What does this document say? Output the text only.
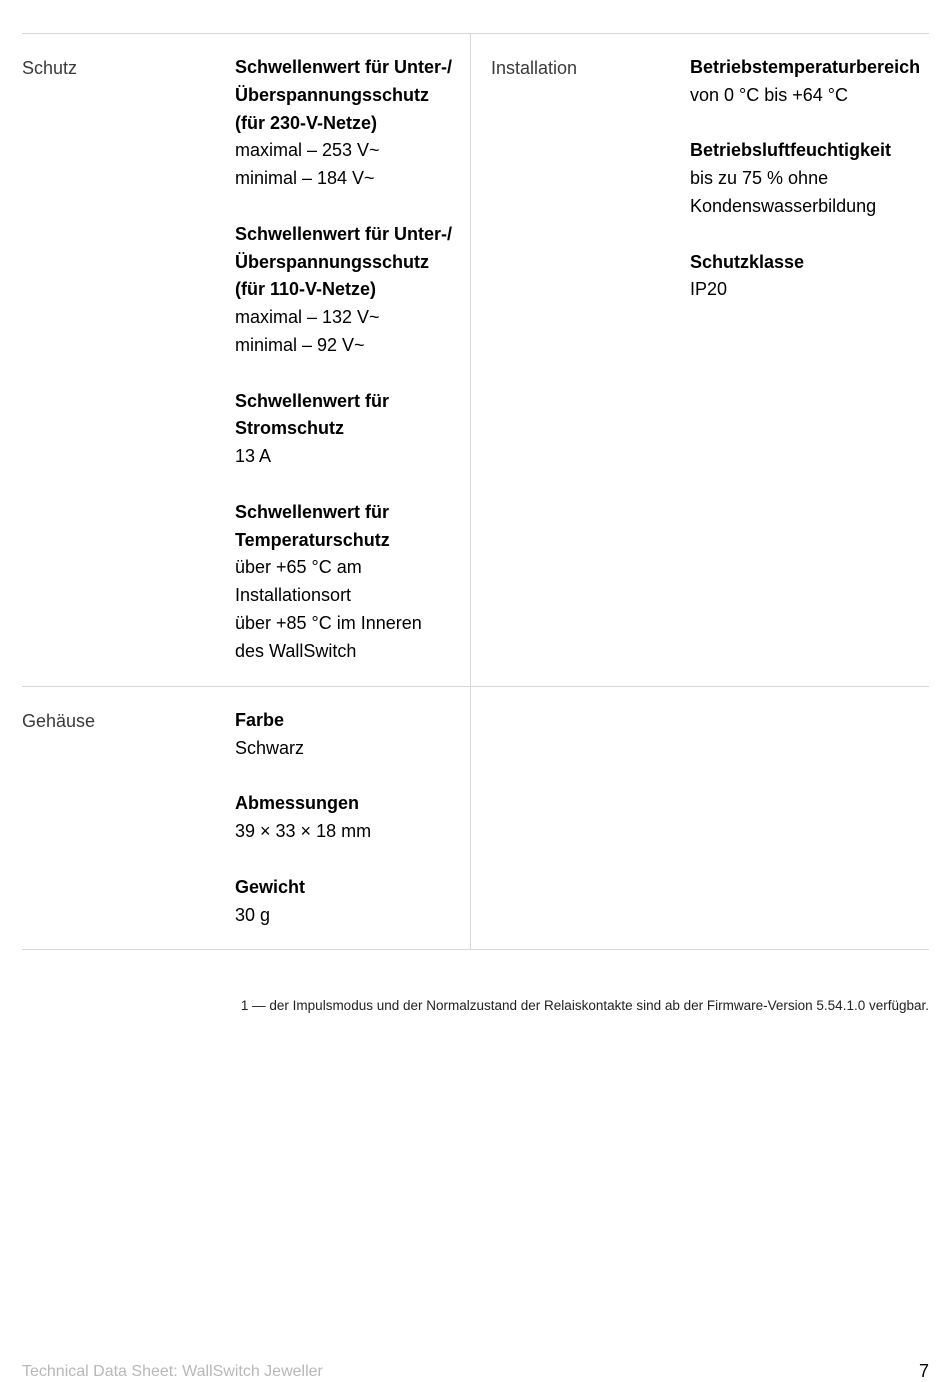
Schutz	Schwellenwert für Unter-/
Überspannungsschutz
(für 230-V-Netze)
maximal – 253 V~
minimal – 184 V~
Schwellenwert für Unter-/
Überspannungsschutz
(für 110-V-Netze)
maximal – 132 V~
minimal – 92 V~
Schwellenwert für
Stromschutz
13 A
Schwellenwert für
Temperaturschutz
über +65 °C am
Installationsort
über +85 °C im Inneren
des WallSwitch
Installation	Betriebstemperaturbereich
von 0 °C bis +64 °C
Betriebsluftfeuchtigkeit
bis zu 75 % ohne
Kondenswasserbildung
Schutzklasse
IP20
Gehäuse	Farbe
Schwarz
Abmessungen
39 × 33 × 18 mm
Gewicht
30 g
1 — der Impulsmodus und der Normalzustand der Relaiskontakte sind ab der Firmware-Version 5.54.1.0 verfügbar.
Technical Data Sheet: WallSwitch Jeweller	7
